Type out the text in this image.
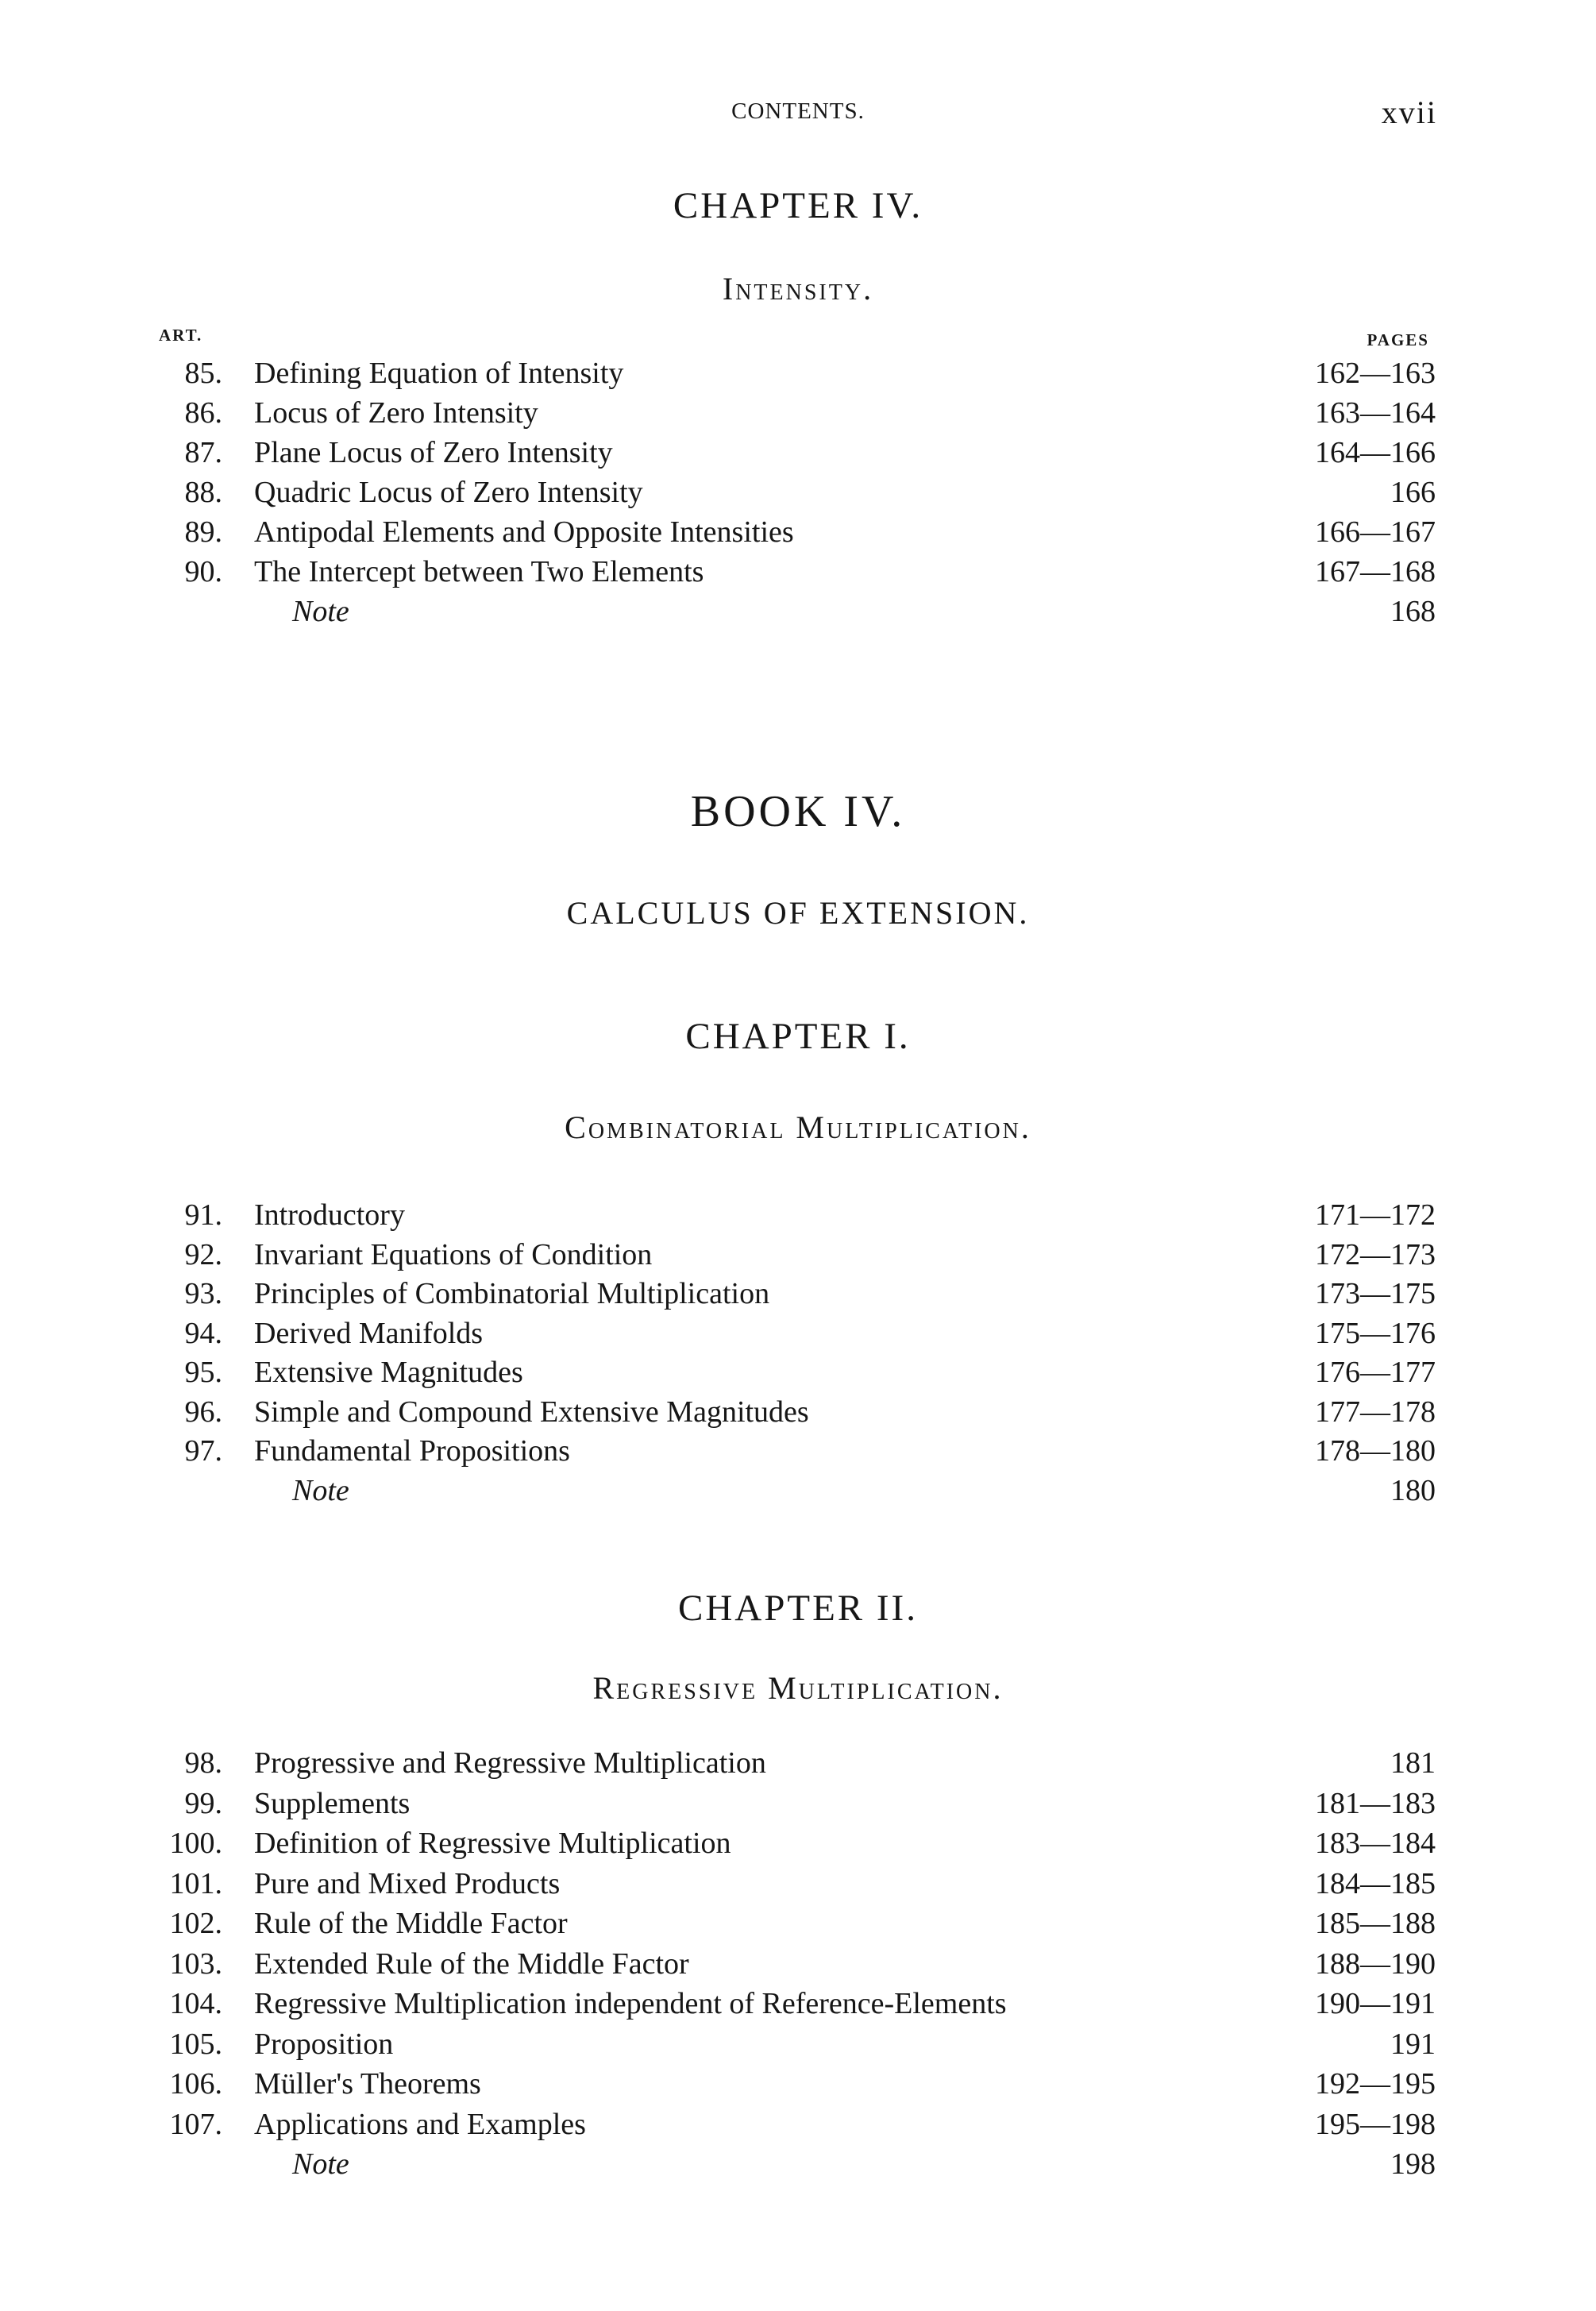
CONTENTS.	xvii
CHAPTER IV.
Intensity.
ART.	PAGES
BOOK IV.
CALCULUS OF EXTENSION.
CHAPTER I.
Combinatorial Multiplication.
CHAPTER II.
Regressive Multiplication.
85. Defining Equation of Intensity	162—163
86. Locus of Zero Intensity	163—164
87. Plane Locus of Zero Intensity	164—166
88. Quadric Locus of Zero Intensity	166
89. Antipodal Elements and Opposite Intensities	166—167
90. The Intercept between Two Elements	167—168
Note	168
91. Introductory	171—172
92. Invariant Equations of Condition	172—173
93. Principles of Combinatorial Multiplication	173—175
94. Derived Manifolds	175—176
95. Extensive Magnitudes	176—177
96. Simple and Compound Extensive Magnitudes	177—178
97. Fundamental Propositions	178—180
Note	180
98. Progressive and Regressive Multiplication	181
99. Supplements	181—183
100. Definition of Regressive Multiplication	183—184
101. Pure and Mixed Products	184—185
102. Rule of the Middle Factor	185—188
103. Extended Rule of the Middle Factor	188—190
104. Regressive Multiplication independent of Reference-Elements	190—191
105. Proposition	191
106. Müller's Theorems	192—195
107. Applications and Examples	195—198
Note	198
